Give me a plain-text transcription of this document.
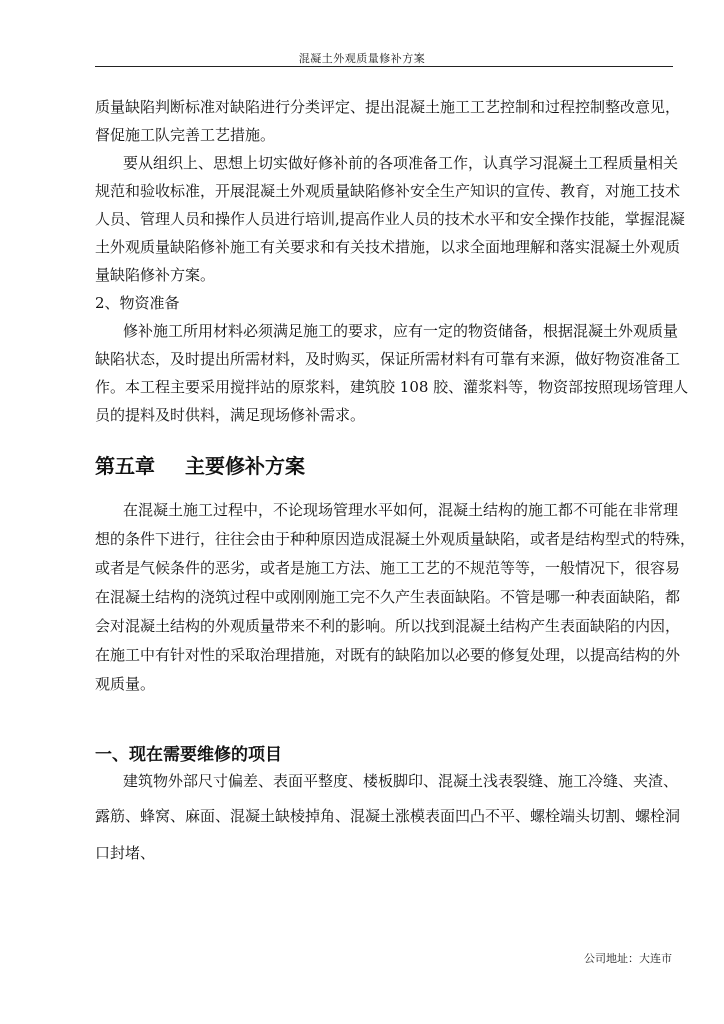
混凝土外观质量修补方案
质量缺陷判断标准对缺陷进行分类评定、提出混凝土施工工艺控制和过程控制整改意见，
督促施工队完善工艺措施。
要从组织上、思想上切实做好修补前的各项准备工作，认真学习混凝土工程质量相关
规范和验收标准，开展混凝土外观质量缺陷修补安全生产知识的宣传、教育，对施工技术
人员、管理人员和操作人员进行培训,提高作业人员的技术水平和安全操作技能，掌握混凝
土外观质量缺陷修补施工有关要求和有关技术措施，以求全面地理解和落实混凝土外观质
量缺陷修补方案。
2、物资准备
修补施工所用材料必须满足施工的要求，应有一定的物资储备，根据混凝土外观质量
缺陷状态，及时提出所需材料，及时购买，保证所需材料有可靠有来源，做好物资准备工
作。本工程主要采用搅拌站的原浆料，建筑胶 108 胶、灌浆料等，物资部按照现场管理人
员的提料及时供料，满足现场修补需求。
第五章 主要修补方案
在混凝土施工过程中，不论现场管理水平如何，混凝土结构的施工都不可能在非常理
想的条件下进行，往往会由于种种原因造成混凝土外观质量缺陷，或者是结构型式的特殊，
或者是气候条件的恶劣，或者是施工方法、施工工艺的不规范等等，一般情况下，很容易
在混凝土结构的浇筑过程中或刚刚施工完不久产生表面缺陷。不管是哪一种表面缺陷，都
会对混凝土结构的外观质量带来不利的影响。所以找到混凝土结构产生表面缺陷的内因，
在施工中有针对性的采取治理措施，对既有的缺陷加以必要的修复处理，以提高结构的外
观质量。
一、现在需要维修的项目
建筑物外部尺寸偏差、表面平整度、楼板脚印、混凝土浅表裂缝、施工冷缝、夹渣、
露筋、蜂窝、麻面、混凝土缺棱掉角、混凝土涨模表面凹凸不平、螺栓端头切割、螺栓洞
口封堵、
公司地址：大连市
